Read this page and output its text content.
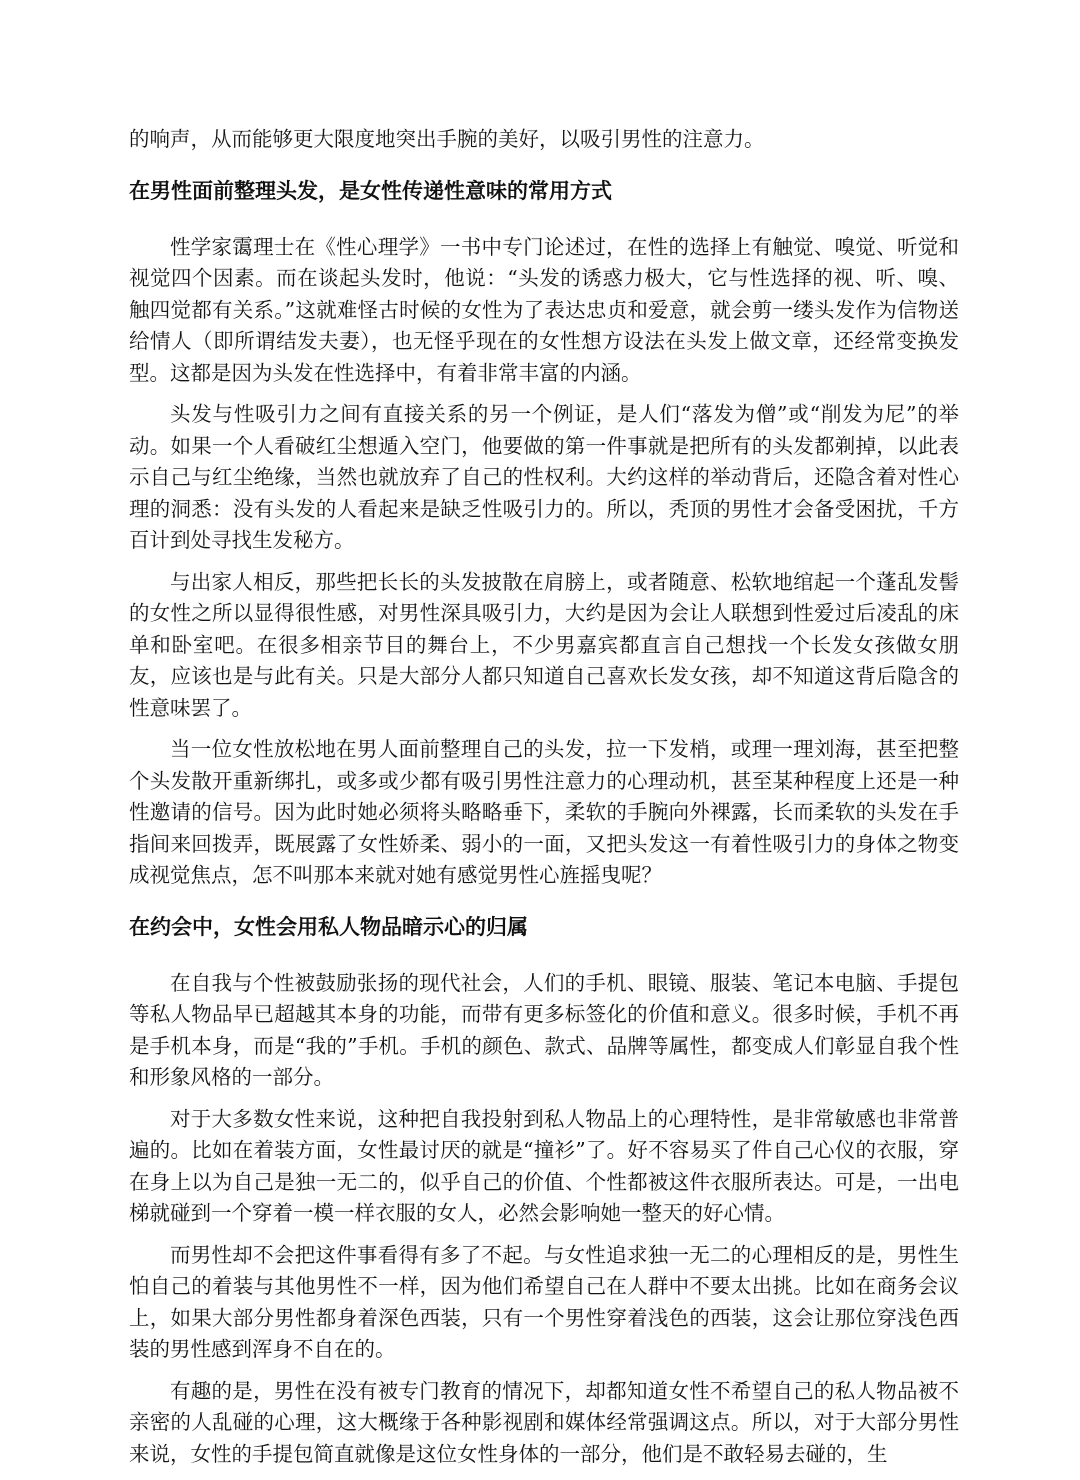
的响声，从而能够更大限度地突出手腕的美好，以吸引男性的注意力。

在男性面前整理头发，是女性传递性意味的常用方式

性学家霭理士在《性心理学》一书中专门论述过，在性的选择上有触觉、嗅觉、听觉和视觉四个因素。而在谈起头发时，他说：“头发的诱惑力极大，它与性选择的视、听、嗅、触四觉都有关系。”这就难怪古时候的女性为了表达忠贞和爱意，就会剪一缕头发作为信物送给情人（即所谓结发夫妻），也无怪乎现在的女性想方设法在头发上做文章，还经常变换发型。这都是因为头发在性选择中，有着非常丰富的内涵。

头发与性吸引力之间有直接关系的另一个例证，是人们“落发为僧”或“削发为尼”的举动。如果一个人看破红尘想遁入空门，他要做的第一件事就是把所有的头发都剃掉，以此表示自己与红尘绝缘，当然也就放弃了自己的性权利。大约这样的举动背后，还隐含着对性心理的洞悉：没有头发的人看起来是缺乏性吸引力的。所以，秃顶的男性才会备受困扰，千方百计到处寻找生发秘方。

与出家人相反，那些把长长的头发披散在肩膀上，或者随意、松软地绾起一个蓬乱发髻的女性之所以显得很性感，对男性深具吸引力，大约是因为会让人联想到性爱过后凌乱的床单和卧室吧。在很多相亲节目的舞台上，不少男嘉宾都直言自己想找一个长发女孩做女朋友，应该也是与此有关。只是大部分人都只知道自己喜欢长发女孩，却不知道这背后隐含的性意味罢了。

当一位女性放松地在男人面前整理自己的头发，拉一下发梢，或理一理刘海，甚至把整个头发散开重新绑扎，或多或少都有吸引男性注意力的心理动机，甚至某种程度上还是一种性邀请的信号。因为此时她必须将头略略垂下，柔软的手腕向外裸露，长而柔软的头发在手指间来回拨弄，既展露了女性娇柔、弱小的一面，又把头发这一有着性吸引力的身体之物变成视觉焦点，怎不叫那本来就对她有感觉男性心旌摇曳呢？

在约会中，女性会用私人物品暗示心的归属

在自我与个性被鼓励张扬的现代社会，人们的手机、眼镜、服装、笔记本电脑、手提包等私人物品早已超越其本身的功能，而带有更多标签化的价值和意义。很多时候，手机不再是手机本身，而是“我的”手机。手机的颜色、款式、品牌等属性，都变成人们彰显自我个性和形象风格的一部分。

对于大多数女性来说，这种把自我投射到私人物品上的心理特性，是非常敏感也非常普遍的。比如在着装方面，女性最讨厌的就是“撞衫”了。好不容易买了件自己心仪的衣服，穿在身上以为自己是独一无二的，似乎自己的价值、个性都被这件衣服所表达。可是，一出电梯就碰到一个穿着一模一样衣服的女人，必然会影响她一整天的好心情。

而男性却不会把这件事看得有多了不起。与女性追求独一无二的心理相反的是，男性生怕自己的着装与其他男性不一样，因为他们希望自己在人群中不要太出挑。比如在商务会议上，如果大部分男性都身着深色西装，只有一个男性穿着浅色的西装，这会让那位穿浅色西装的男性感到浑身不自在的。

有趣的是，男性在没有被专门教育的情况下，却都知道女性不希望自己的私人物品被不亲密的人乱碰的心理，这大概缘于各种影视剧和媒体经常强调这点。所以，对于大部分男性来说，女性的手提包简直就像是这位女性身体的一部分，他们是不敢轻易去碰的，生
